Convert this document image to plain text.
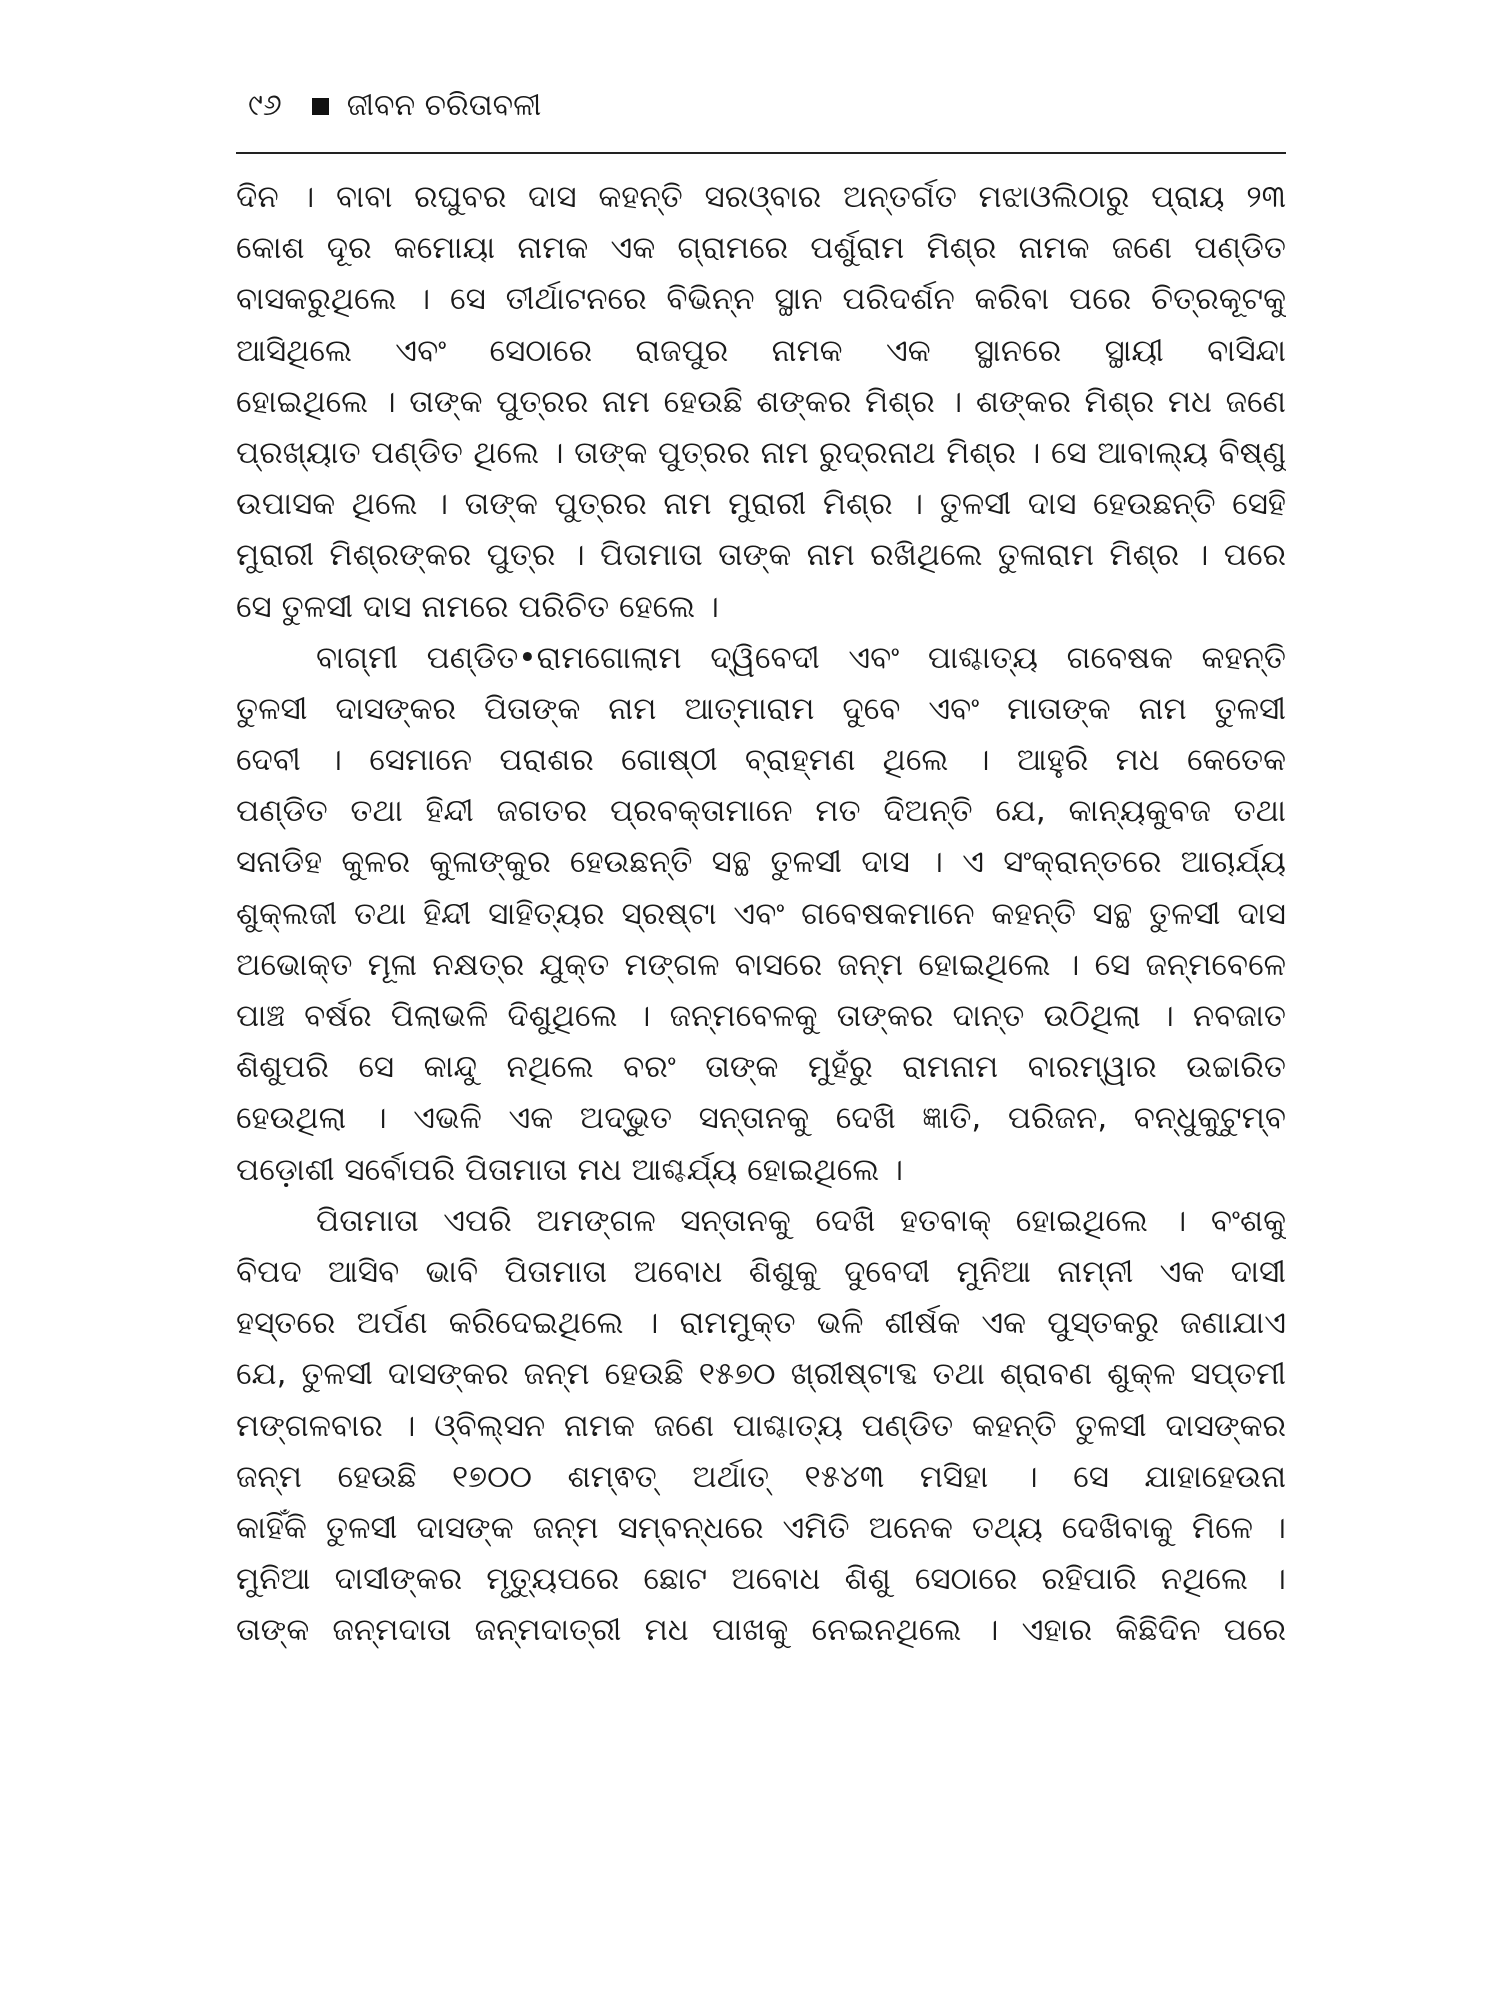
୯୬ ଜୀବନ ଚରିତାବଳୀ
ଦିନ । ବାବା ରଘୁବର ଦାସ କହନ୍ତି ସରଓ୍ବାର ଅନ୍ତର୍ଗତ ମଝାଓଲିଠାରୁ ପ୍ରାୟ ୨୩
କୋଶ ଦୂର କମୋୟା ନାମକ ଏକ ଗ୍ରାମରେ ପର୍ଶୁରାମ ମିଶ୍ର ନାମକ ଜଣେ ପଣ୍ଡିତ
ବାସକରୁଥିଲେ । ସେ ତୀର୍ଥାଟନରେ ବିଭିନ୍ନ ସ୍ଥାନ ପରିଦର୍ଶନ କରିବା ପରେ ଚିତ୍ରକୂଟକୁ
ଆସିଥିଲେ ଏବଂ ସେଠାରେ ରାଜପୁର ନାମକ ଏକ ସ୍ଥାନରେ ସ୍ଥାୟୀ ବାସିନ୍ଦା
ହୋଇଥିଲେ । ତାଙ୍କ ପୁତ୍ରର ନାମ ହେଉଛି ଶଙ୍କର ମିଶ୍ର । ଶଙ୍କର ମିଶ୍ର ମଧ ଜଣେ
ପ୍ରଖ୍ୟାତ ପଣ୍ଡିତ ଥିଲେ । ତାଙ୍କ ପୁତ୍ରର ନାମ ରୁଦ୍ରନାଥ ମିଶ୍ର । ସେ ଆବାଲ୍ୟ ବିଷ୍ଣୁ
ଉପାସକ ଥିଲେ । ତାଙ୍କ ପୁତ୍ରର ନାମ ମୁରାରୀ ମିଶ୍ର । ତୁଳସୀ ଦାସ ହେଉଛନ୍ତି ସେହି
ମୁରାରୀ ମିଶ୍ରଙ୍କର ପୁତ୍ର । ପିତାମାତା ତାଙ୍କ ନାମ ରଖିଥିଲେ ତୁଳାରାମ ମିଶ୍ର । ପରେ
ସେ ତୁଳସୀ ଦାସ ନାମରେ ପରିଚିତ ହେଲେ ।
ବାଗ୍ମୀ ପଣ୍ଡିତ•ରାମଗୋଲାମ ଦ୍ୱିବେଦୀ ଏବଂ ପାଶ୍ଚାତ୍ୟ ଗବେଷକ କହନ୍ତି
ତୁଳସୀ ଦାସଙ୍କର ପିତାଙ୍କ ନାମ ଆତ୍ମାରାମ ଦୁବେ ଏବଂ ମାତାଙ୍କ ନାମ ତୁଳସୀ
ଦେବୀ । ସେମାନେ ପରାଶର ଗୋଷ୍ଠୀ ବ୍ରାହ୍ମଣ ଥିଲେ । ଆହୁରି ମଧ କେତେକ
ପଣ୍ଡିତ ତଥା ହିନ୍ଦୀ ଜଗତର ପ୍ରବକ୍ତାମାନେ ମତ ଦିଅନ୍ତି ଯେ, କାନ୍ୟକୁବଜ ତଥା
ସନାଡିହ କୁଳର କୁଳାଙ୍କୁର ହେଉଛନ୍ତି ସନ୍ଥ ତୁଳସୀ ଦାସ । ଏ ସଂକ୍ରାନ୍ତରେ ଆଚାର୍ଯ୍ୟ
ଶୁକ୍ଲଜୀ ତଥା ହିନ୍ଦୀ ସାହିତ୍ୟର ସ୍ରଷ୍ଟା ଏବଂ ଗବେଷକମାନେ କହନ୍ତି ସନ୍ଥ ତୁଳସୀ ଦାସ
ଅଭୋକ୍ତ ମୂଳା ନକ୍ଷତ୍ର ଯୁକ୍ତ ମଙ୍ଗଳ ବାସରେ ଜନ୍ମ ହୋଇଥିଲେ । ସେ ଜନ୍ମବେଳେ
ପାଞ୍ଚ ବର୍ଷର ପିଲାଭଳି ଦିଶୁଥିଲେ । ଜନ୍ମବେଳକୁ ତାଙ୍କର ଦାନ୍ତ ଉଠିଥିଲା । ନବଜାତ
ଶିଶୁପରି ସେ କାନ୍ଦୁ ନଥିଲେ ବରଂ ତାଙ୍କ ମୁହଁରୁ ରାମନାମ ବାରମ୍ୱାର ଉଚ୍ଚାରିତ
ହେଉଥିଲା । ଏଭଳି ଏକ ଅଦ୍ଭୁତ ସନ୍ତାନକୁ ଦେଖି ଜ୍ଞାତି, ପରିଜନ, ବନ୍ଧୁକୁଟୁମ୍ବ
ପଡ଼ୋଶୀ ସର୍ବୋପରି ପିତାମାତା ମଧ ଆଶ୍ଚର୍ଯ୍ୟ ହୋଇଥିଲେ ।
ପିତାମାତା ଏପରି ଅମଙ୍ଗଳ ସନ୍ତାନକୁ ଦେଖି ହତବାକ୍ ହୋଇଥିଲେ । ବଂଶକୁ
ବିପଦ ଆସିବ ଭାବି ପିତାମାତା ଅବୋଧ ଶିଶୁକୁ ଦୁବେଦୀ ମୁନିଆ ନାମ୍ନୀ ଏକ ଦାସୀ
ହସ୍ତରେ ଅର୍ପଣ କରିଦେଇଥିଲେ । ରାମମୁକ୍ତ ଭଳି ଶୀର୍ଷକ ଏକ ପୁସ୍ତକରୁ ଜଣାଯାଏ
ଯେ, ତୁଳସୀ ଦାସଙ୍କର ଜନ୍ମ ହେଉଛି ୧୫୭୦ ଖ୍ରୀଷ୍ଟାବ୍ଦ ତଥା ଶ୍ରାବଣ ଶୁକ୍ଳ ସପ୍ତମୀ
ମଙ୍ଗଳବାର । ଓ୍ବିଲ୍‌ସନ ନାମକ ଜଣେ ପାଶ୍ଚାତ୍ୟ ପଣ୍ଡିତ କହନ୍ତି ତୁଳସୀ ଦାସଙ୍କର
ଜନ୍ମ ହେଉଛି ୧୭୦୦ ଶମ୍ଵତ୍ ଅର୍ଥାତ୍ ୧୫୪୩ ମସିହା । ସେ ଯାହାହେଉନା
କାହିଁକି ତୁଳସୀ ଦାସଙ୍କ ଜନ୍ମ ସମ୍ବନ୍ଧରେ ଏମିତି ଅନେକ ତଥ୍ୟ ଦେଖିବାକୁ ମିଳେ ।
ମୁନିଆ ଦାସୀଙ୍କର ମୃତ୍ୟୁପରେ ଛୋଟ ଅବୋଧ ଶିଶୁ ସେଠାରେ ରହିପାରି ନଥିଲେ ।
ତାଙ୍କ ଜନ୍ମଦାତା ଜନ୍ମଦାତ୍ରୀ ମଧ ପାଖକୁ ନେଇନଥିଲେ । ଏହାର କିଛିଦିନ ପରେ
